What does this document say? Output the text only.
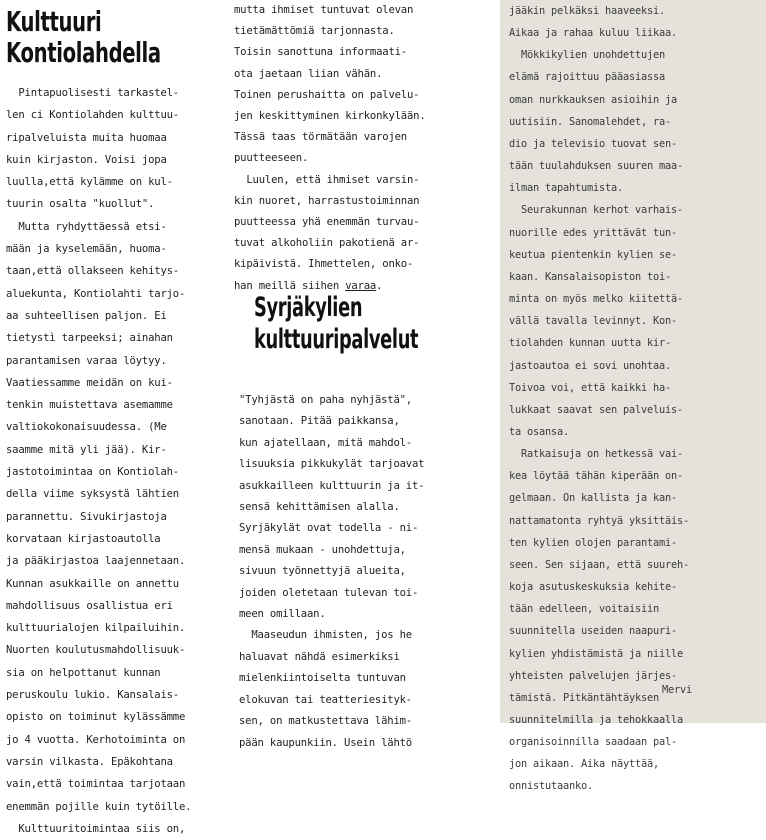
Kulttuuri
Kontiolahdella
Pintapuolisesti tarkastel-
len ci Kontiolahden kulttuu-
ripalveluista muita huomaa
kuin kirjaston. Voisi jopa
luulla,että kylämme on kul-
tuurin osalta "kuollut".
Mutta ryhdyttäessä etsi-
mään ja kyselemään, huoma-
taan,että ollakseen kehitys-
aluekunta, Kontiolahti tarjo-
aa suhteellisen paljon. Ei
tietystì tarpeeksi; ainahan
parantamisen varaa löytyy.
Vaatiessamme meidän on kui-
tenkin muistettava asemamme
valtiokokonaisuudessa. (Me
saamme mitä yli jää). Kir-
jastotoimintaa on Kontiolah-
della viime syksystä lähtien
parannettu. Sivukirjastoja
korvataan kirjastoautolla
ja pääkirjastoa laajennetaan.
Kunnan asukkaille on annettu
mahdollisuus osallistua eri
kulttuurialojen kilpailuihin.
Nuorten koulutusmahdollisuuk-
sia on helpottanut kunnan
peruskoulu lukio. Kansalais-
opisto on toiminut kylässämme
jo 4 vuotta. Kerhotoiminta on
varsin vilkasta. Epäkohtana
vain,että toimintaa tarjotaan
enemmän pojille kuin tytöille.
Kulttuuritoimintaa siis on,
mutta ihmiset tuntuvat olevan
tietämättömiä tarjonnasta.
Toisin sanottuna informaati-
ota jaetaan liian vähän.
Toinen perushaitta on palvelu-
jen keskittyminen kirkonkylään.
Tässä taas törmätään varojen
puutteeseen.
Luulen, että ihmiset varsin-
kin nuoret, harrastustoiminnan
puutteessa yhä enemmän turvau-
tuvat alkoholiin pakotienä ar-
kipäivistä. Ihmettelen, onko-
han meillä siihen varaa.
Syrjäkylien
kulttuuripalvelut
"Tyhjästä on paha nyhjästä",
sanotaan. Pitää paikkansa,
kun ajatellaan, mitä mahdol-
lisuuksia pikkukylät tarjoavat
asukkailleen kulttuurin ja it-
sensä kehittämisen alalla.
Syrjäkylät ovat todella - ni-
mensä mukaan - unohdettuja,
sivuun työnnettyjä alueita,
joiden oletetaan tulevan toi-
meen omillaan.
Maaseudun ihmisten, jos he
haluavat nähdä esimerkiksi
mielenkiintoiselta tuntuvan
elokuvan tai teatteriesityk-
sen, on matkustettava lähim-
pään kaupunkiin. Usein lähtö
jääkin pelkäksi haaveeksi.
Aikaa ja rahaa kuluu liikaa.
Mökkikylien unohdettujen
elämä rajoittuu pääasiassa
oman nurkkauksen asioihin ja
uutisiin. Sanomalehdet, ra-
dio ja televisio tuovat sen-
tään tuulahduksen suuren maa-
ilman tapahtumista.
Seurakunnan kerhot varhais-
nuorille edes yrittävät tun-
keutua pientenkin kylien se-
kaan. Kansalaisopiston toi-
minta on myös melko kiitettä-
vällä tavalla levinnyt. Kon-
tiolahden kunnan uutta kir-
jastoautoa ei sovi unohtaa.
Toivoa voi, että kaikki ha-
lukkaat saavat sen palveluis-
ta osansa.
Ratkaisuja on hetkessä vai-
kea löytää tähän kiperään on-
gelmaan. On kallista ja kan-
nattamatonta ryhtyä yksittäis-
ten kylien olojen parantami-
seen. Sen sijaan, että suureh-
koja asutuskeskuksia kehite-
tään edelleen, voitaisiin
suunnitella useiden naapuri-
kylien yhdistämistä ja niille
yhteisten palvelujen järjes-
tämistä. Pitkäntähtäyksen
suunnitelmilla ja tehokkaalla
organisoinnilla saadaan pal-
jon aikaan. Aika näyttää,
onnistutaanko.
Mervi
